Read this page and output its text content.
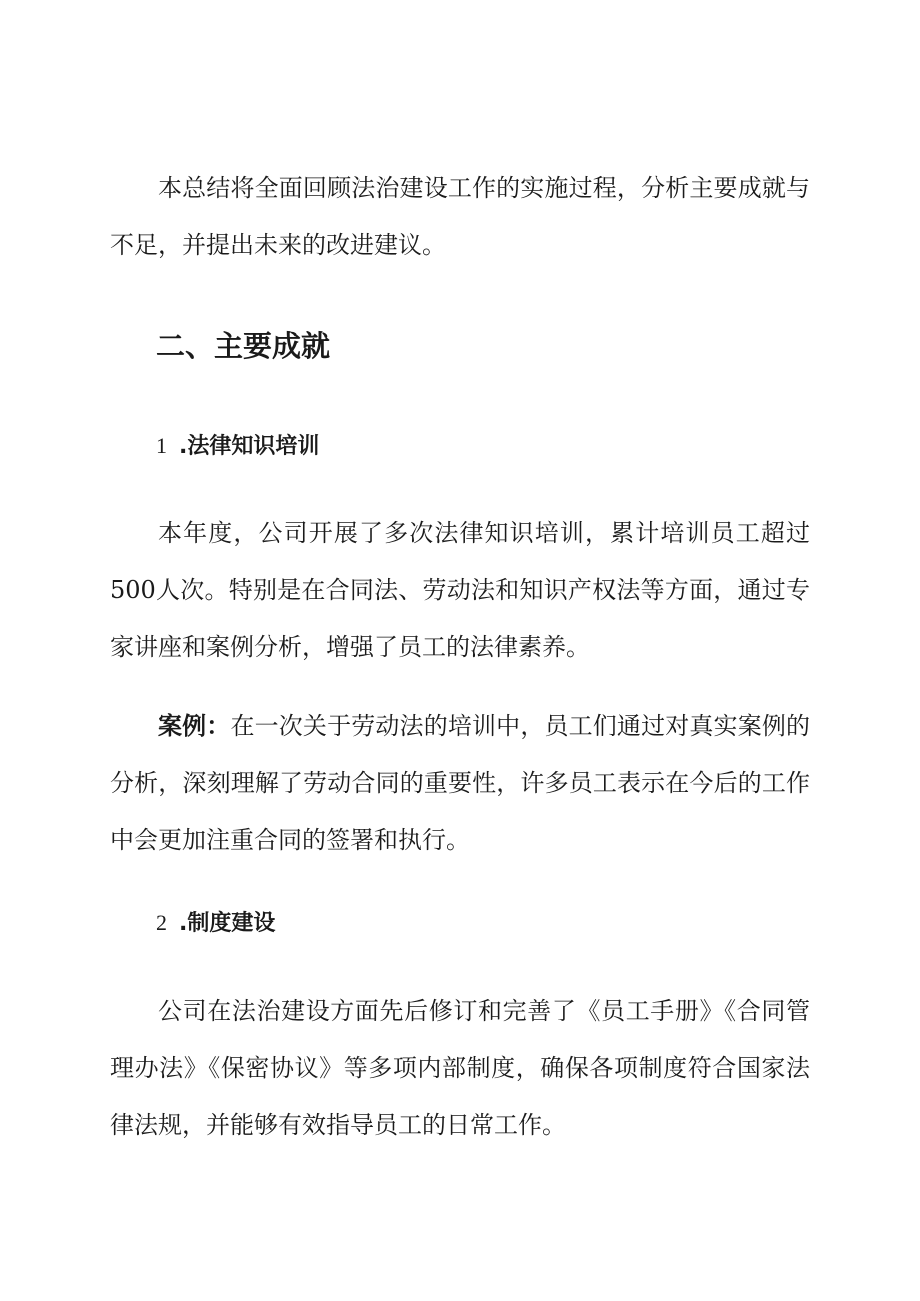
本总结将全面回顾法治建设工作的实施过程，分析主要成就与不足，并提出未来的改进建议。

二、主要成就
1 .法律知识培训

本年度，公司开展了多次法律知识培训，累计培训员工超过500人次。特别是在合同法、劳动法和知识产权法等方面，通过专家讲座和案例分析，增强了员工的法律素养。

案例：在一次关于劳动法的培训中，员工们通过对真实案例的分析，深刻理解了劳动合同的重要性，许多员工表示在今后的工作中会更加注重合同的签署和执行。

2 .制度建设

公司在法治建设方面先后修订和完善了《员工手册》《合同管理办法》《保密协议》等多项内部制度，确保各项制度符合国家法律法规，并能够有效指导员工的日常工作。
